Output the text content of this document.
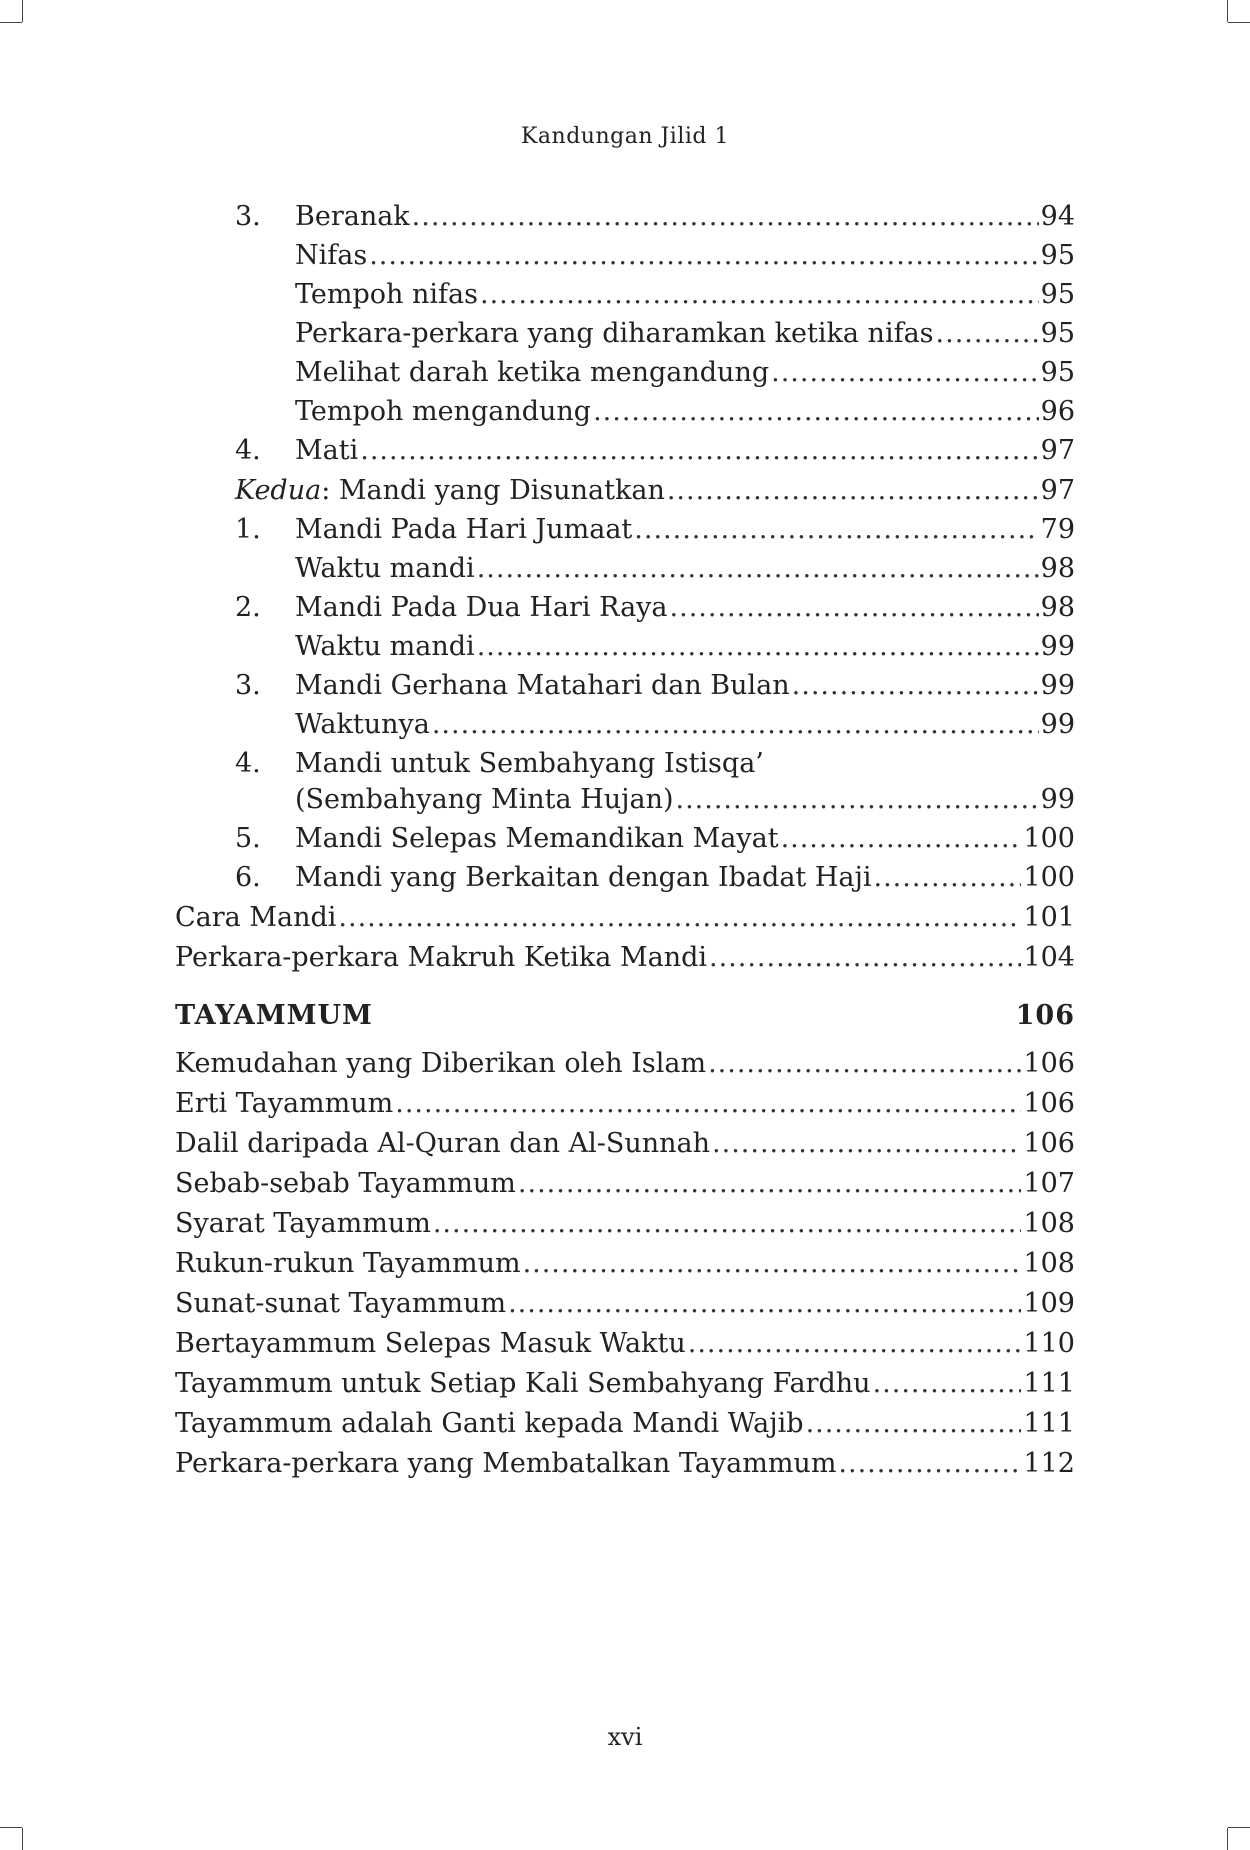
Kandungan Jilid 1
3. Beranak .....	94
Nifas .....	95
Tempoh nifas .....	95
Perkara-perkara yang diharamkan ketika nifas .....	95
Melihat darah ketika mengandung .....	95
Tempoh mengandung .....	96
4. Mati .....	97
Kedua: Mandi yang Disunatkan .....	97
1. Mandi Pada Hari Jumaat .....	79
Waktu mandi .....	98
2. Mandi Pada Dua Hari Raya .....	98
Waktu mandi .....	99
3. Mandi Gerhana Matahari dan Bulan .....	99
Waktunya .....	99
4. Mandi untuk Sembahyang Istisqa’
(Sembahyang Minta Hujan) .....	99
5. Mandi Selepas Memandikan Mayat .....	100
6. Mandi yang Berkaitan dengan Ibadat Haji .....	100
Cara Mandi .....	101
Perkara-perkara Makruh Ketika Mandi .....	104
TAYAMMUM	106
Kemudahan yang Diberikan oleh Islam .....	106
Erti Tayammum .....	106
Dalil daripada Al-Quran dan Al-Sunnah .....	106
Sebab-sebab Tayammum .....	107
Syarat Tayammum .....	108
Rukun-rukun Tayammum .....	108
Sunat-sunat Tayammum .....	109
Bertayammum Selepas Masuk Waktu .....	110
Tayammum untuk Setiap Kali Sembahyang Fardhu .....	111
Tayammum adalah Ganti kepada Mandi Wajib .....	111
Perkara-perkara yang Membatalkan Tayammum .....	112
xvi
